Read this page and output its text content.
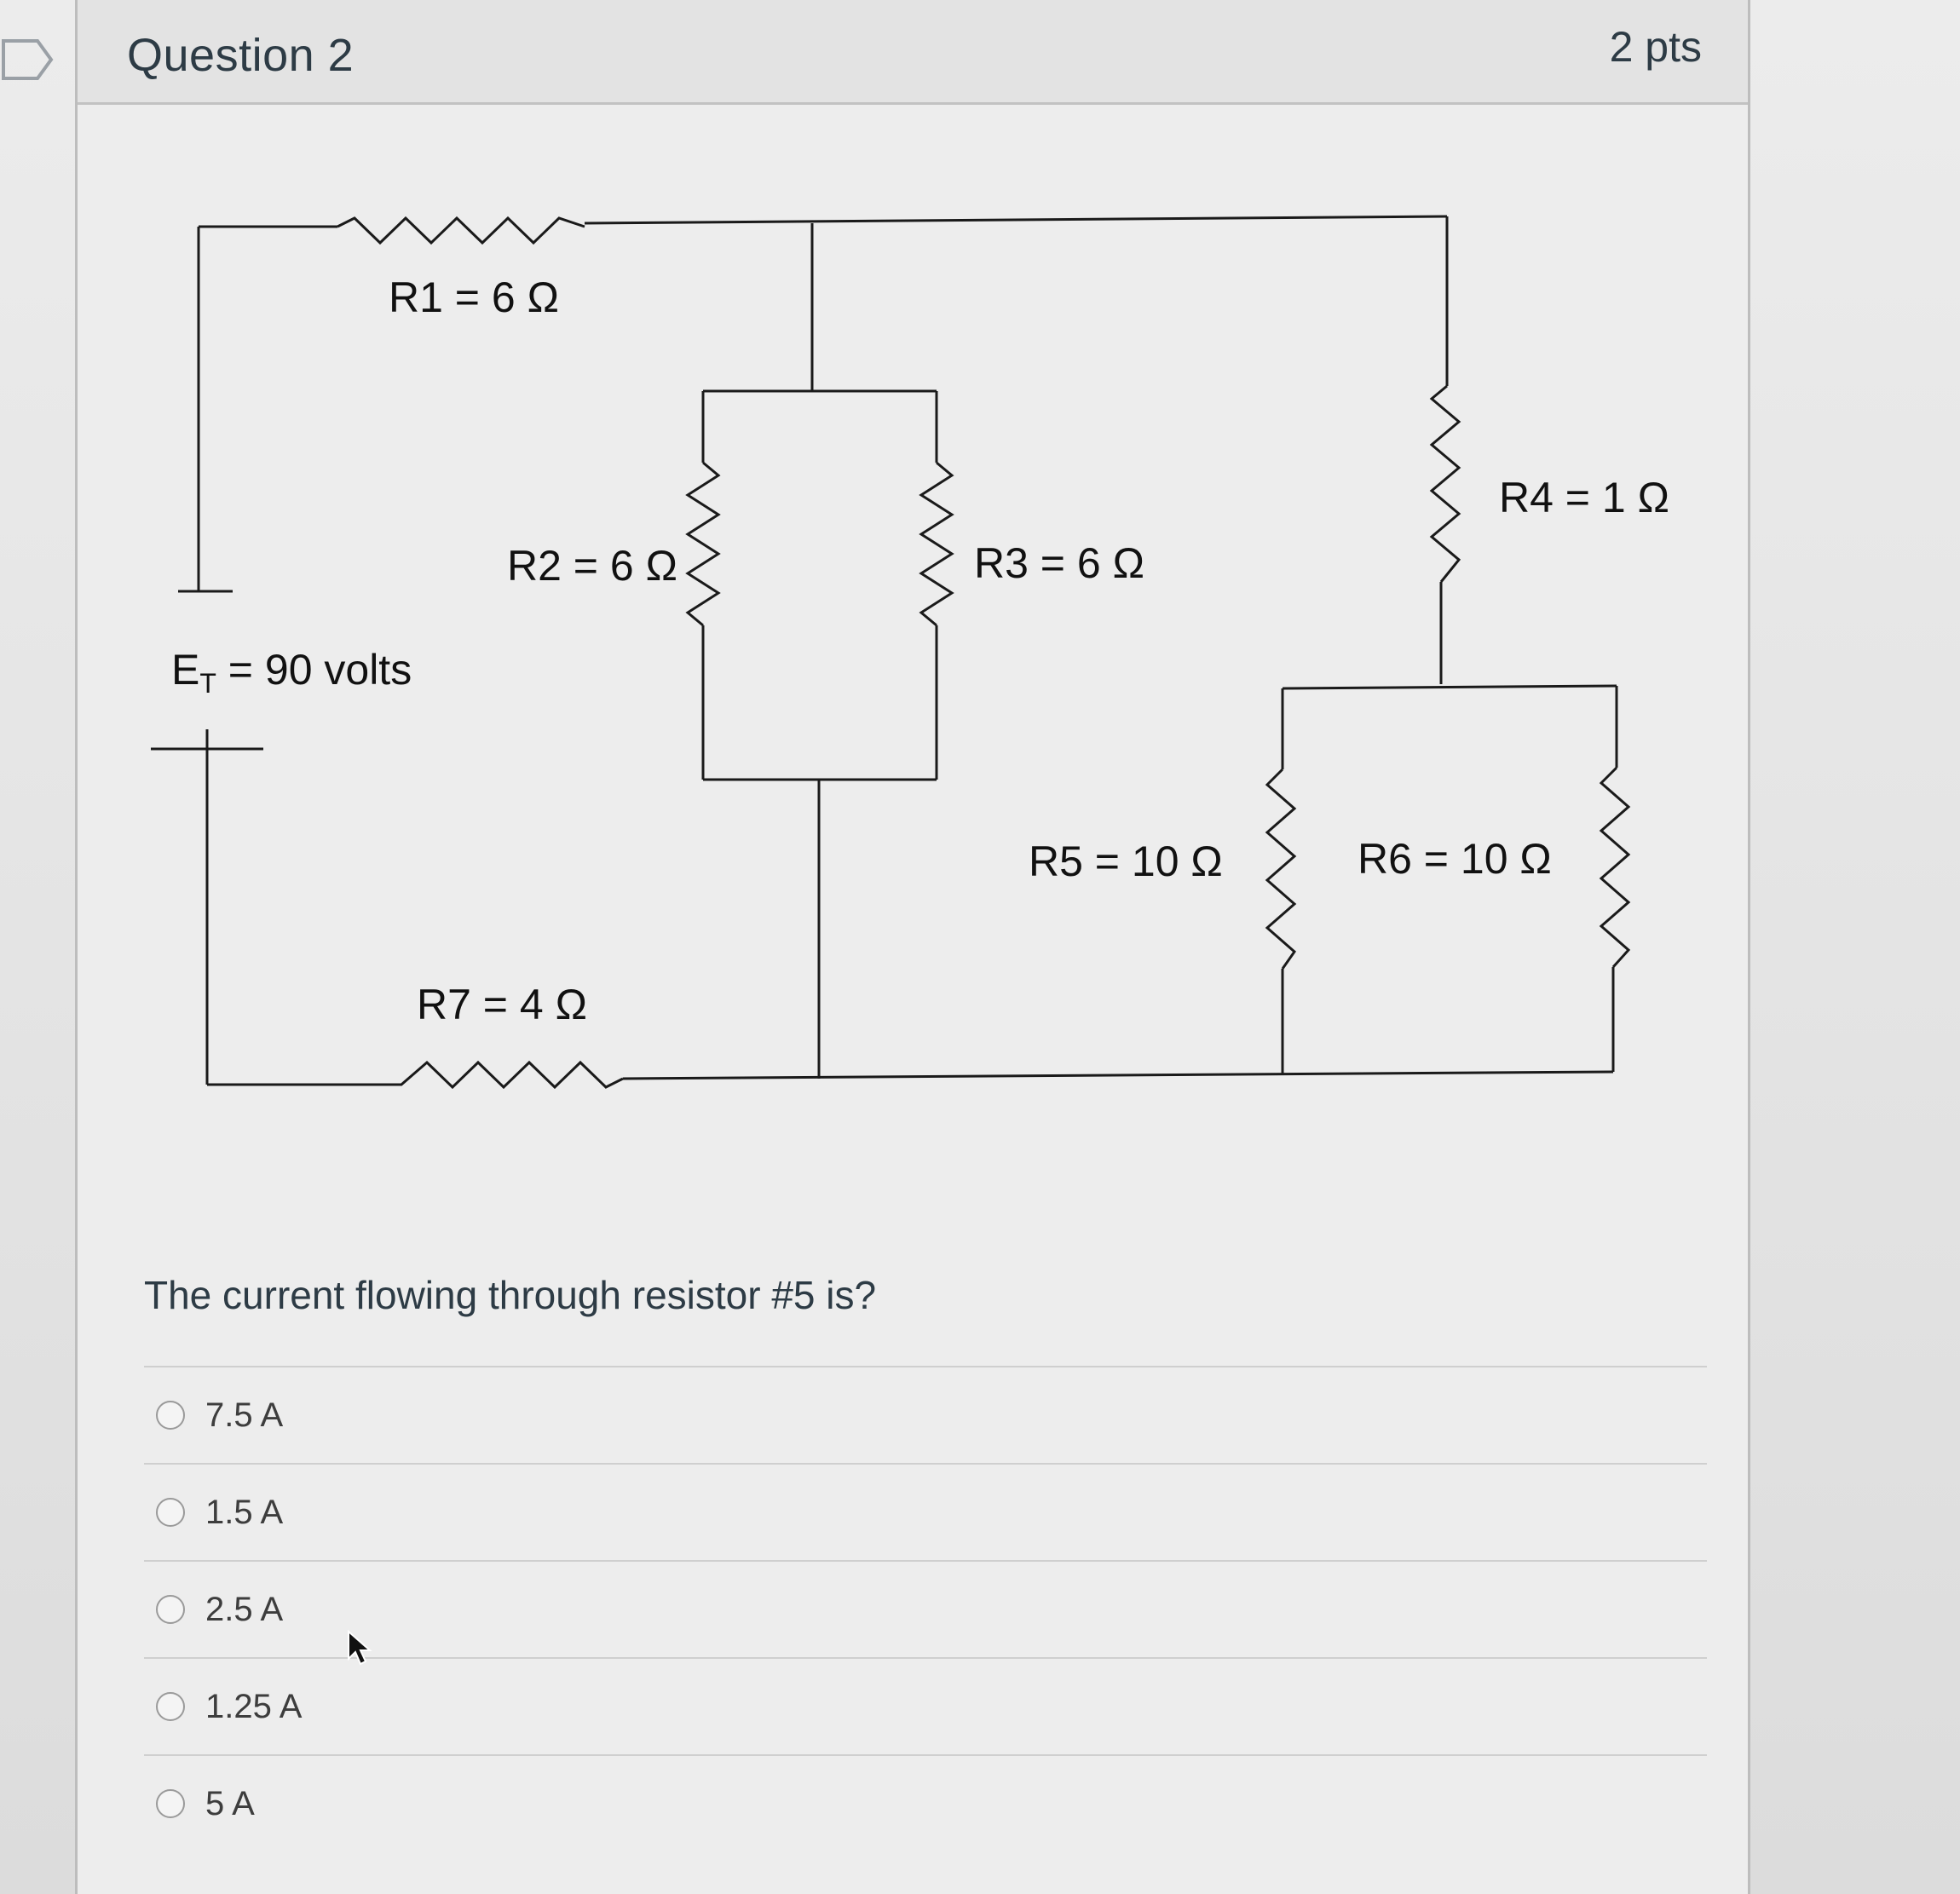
Question 2	2 pts
R1 = 6 Ω
R2 = 6 Ω	R3 = 6 Ω
R4 = 1 Ω
R5 = 10 Ω	R6 = 10 Ω
R7 = 4 Ω
$E_T = 90$ volts
The current flowing through resistor #5 is?
7.5 A
1.5 A
2.5 A
1.25 A
5 A
